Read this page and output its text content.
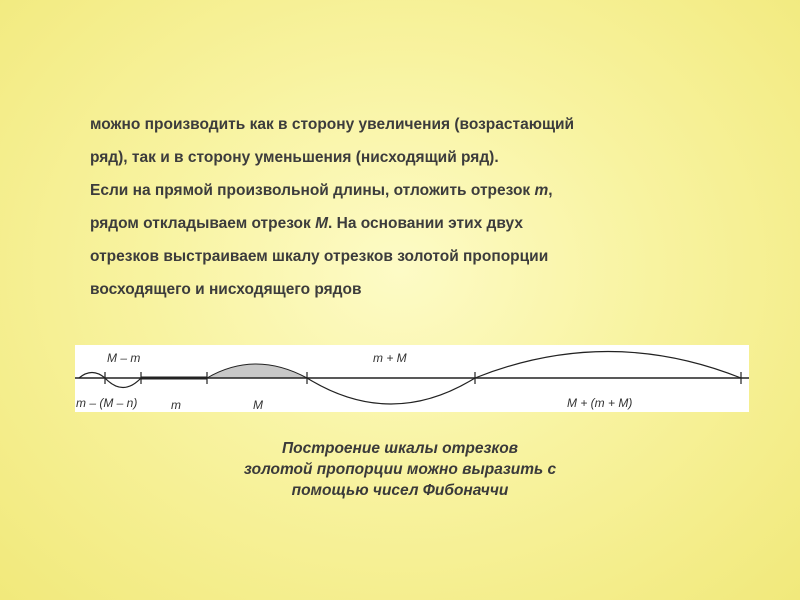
можно производить как в сторону увеличения (возрастающий
ряд), так и в сторону уменьшения (нисходящий ряд).
Если на прямой произвольной длины, отложить отрезок m,
рядом откладываем отрезок М. На основании этих двух
отрезков выстраиваем шкалу отрезков золотой пропорции
восходящего и нисходящего рядов
M – m	m + M
m – (M – n)	m	M	M + (m + M)
Построение шкалы отрезков
золотой пропорции можно выразить с
помощью чисел Фибоначчи
